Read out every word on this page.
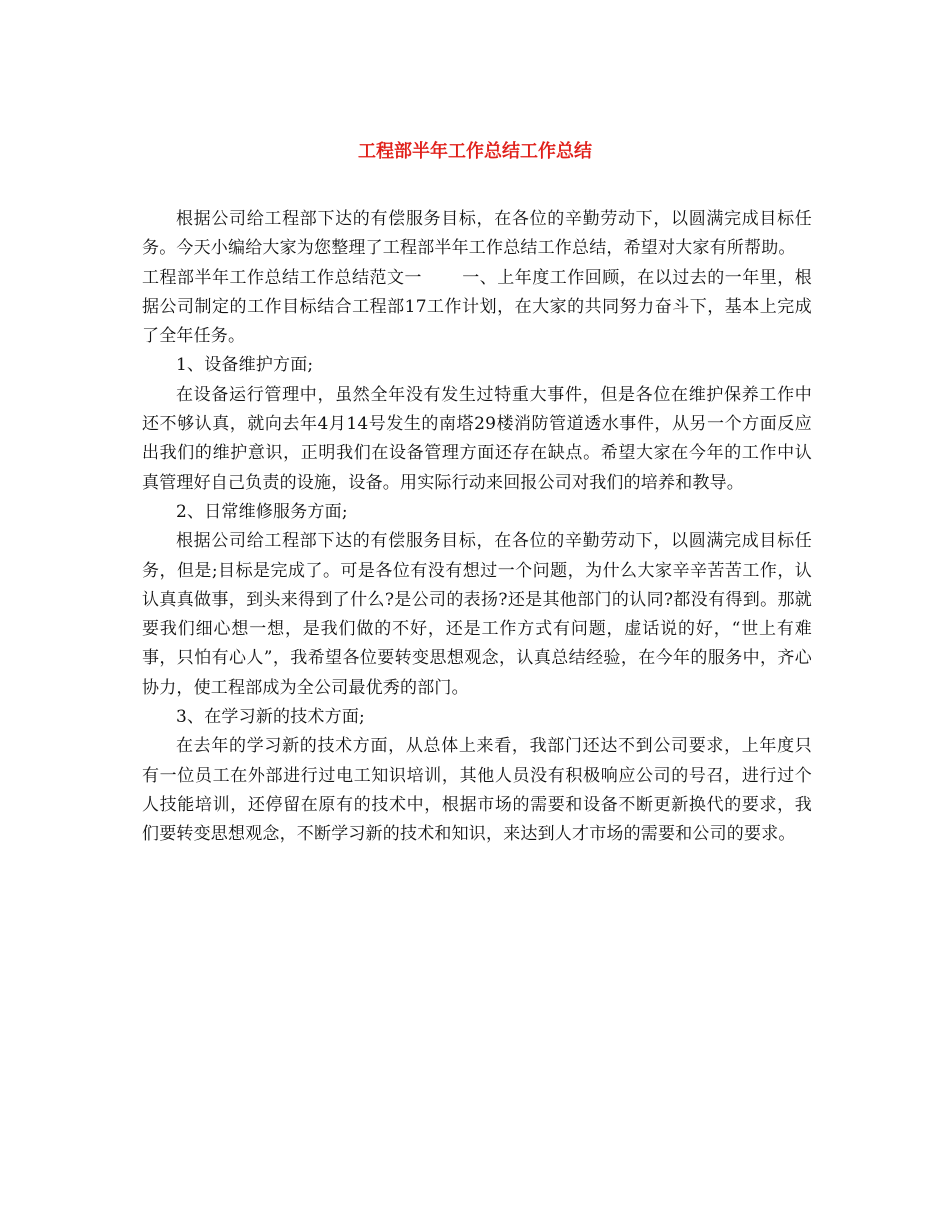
工程部半年工作总结工作总结

根据公司给工程部下达的有偿服务目标，在各位的辛勤劳动下，以圆满完成目标任务。今天小编给大家为您整理了工程部半年工作总结工作总结，希望对大家有所帮助。

工程部半年工作总结工作总结范文一 一、上年度工作回顾，在以过去的一年里，根据公司制定的工作目标结合工程部17工作计划，在大家的共同努力奋斗下，基本上完成了全年任务。

1、设备维护方面;

在设备运行管理中，虽然全年没有发生过特重大事件，但是各位在维护保养工作中还不够认真，就向去年4月14号发生的南塔29楼消防管道透水事件，从另一个方面反应出我们的维护意识，正明我们在设备管理方面还存在缺点。希望大家在今年的工作中认真管理好自己负责的设施，设备。用实际行动来回报公司对我们的培养和教导。

2、日常维修服务方面;

根据公司给工程部下达的有偿服务目标，在各位的辛勤劳动下，以圆满完成目标任务，但是;目标是完成了。可是各位有没有想过一个问题，为什么大家辛辛苦苦工作，认认真真做事，到头来得到了什么?是公司的表扬?还是其他部门的认同?都没有得到。那就要我们细心想一想，是我们做的不好，还是工作方式有问题，虚话说的好，“世上有难事，只怕有心人”，我希望各位要转变思想观念，认真总结经验，在今年的服务中，齐心协力，使工程部成为全公司最优秀的部门。

3、在学习新的技术方面;

在去年的学习新的技术方面，从总体上来看，我部门还达不到公司要求，上年度只有一位员工在外部进行过电工知识培训，其他人员没有积极响应公司的号召，进行过个人技能培训，还停留在原有的技术中，根据市场的需要和设备不断更新换代的要求，我们要转变思想观念，不断学习新的技术和知识，来达到人才市场的需要和公司的要求。
